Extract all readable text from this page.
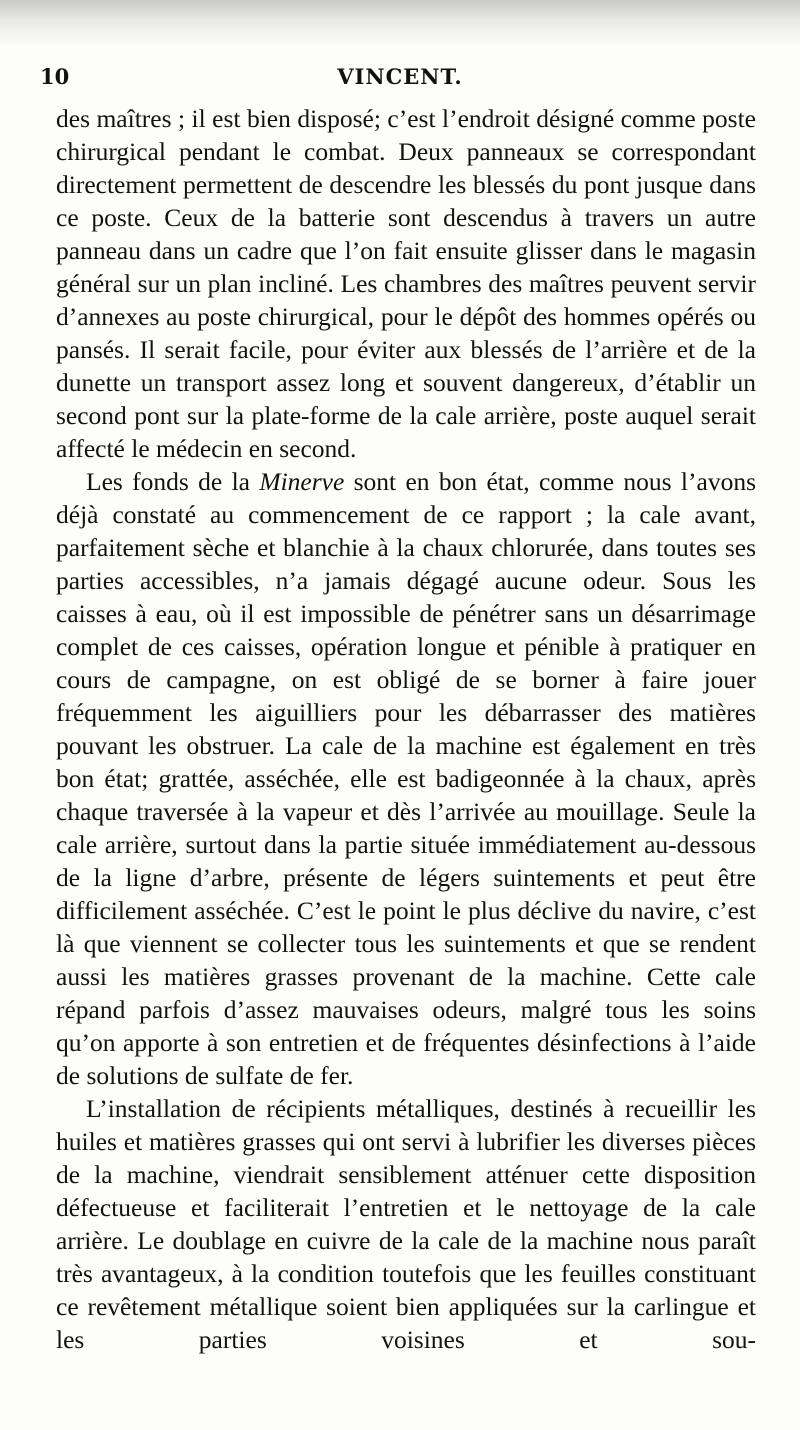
10	VINCENT.

des maîtres ; il est bien disposé; c’est l’endroit désigné comme poste chirurgical pendant le combat. Deux panneaux se correspondant directement permettent de descendre les blessés du pont jusque dans ce poste. Ceux de la batterie sont descendus à travers un autre panneau dans un cadre que l’on fait ensuite glisser dans le magasin général sur un plan incliné. Les chambres des maîtres peuvent servir d’annexes au poste chirurgical, pour le dépôt des hommes opérés ou pansés. Il serait facile, pour éviter aux blessés de l’arrière et de la dunette un transport assez long et souvent dangereux, d’établir un second pont sur la plate-forme de la cale arrière, poste auquel serait affecté le médecin en second.

Les fonds de la Minerve sont en bon état, comme nous l’avons déjà constaté au commencement de ce rapport ; la cale avant, parfaitement sèche et blanchie à la chaux chlorurée, dans toutes ses parties accessibles, n’a jamais dégagé aucune odeur. Sous les caisses à eau, où il est impossible de pénétrer sans un désarrimage complet de ces caisses, opération longue et pénible à pratiquer en cours de campagne, on est obligé de se borner à faire jouer fréquemment les aiguilliers pour les débarrasser des matières pouvant les obstruer. La cale de la machine est également en très bon état; grattée, asséchée, elle est badigeonnée à la chaux, après chaque traversée à la vapeur et dès l’arrivée au mouillage. Seule la cale arrière, surtout dans la partie située immédiatement au-dessous de la ligne d’arbre, présente de légers suintements et peut être difficilement asséchée. C’est le point le plus déclive du navire, c’est là que viennent se collecter tous les suintements et que se rendent aussi les matières grasses provenant de la machine. Cette cale répand parfois d’assez mauvaises odeurs, malgré tous les soins qu’on apporte à son entretien et de fréquentes désinfections à l’aide de solutions de sulfate de fer.

L’installation de récipients métalliques, destinés à recueillir les huiles et matières grasses qui ont servi à lubrifier les diverses pièces de la machine, viendrait sensiblement atténuer cette disposition défectueuse et faciliterait l’entretien et le nettoyage de la cale arrière. Le doublage en cuivre de la cale de la machine nous paraît très avantageux, à la condition toutefois que les feuilles constituant ce revêtement métallique soient bien appliquées sur la carlingue et les parties voisines et sou-
